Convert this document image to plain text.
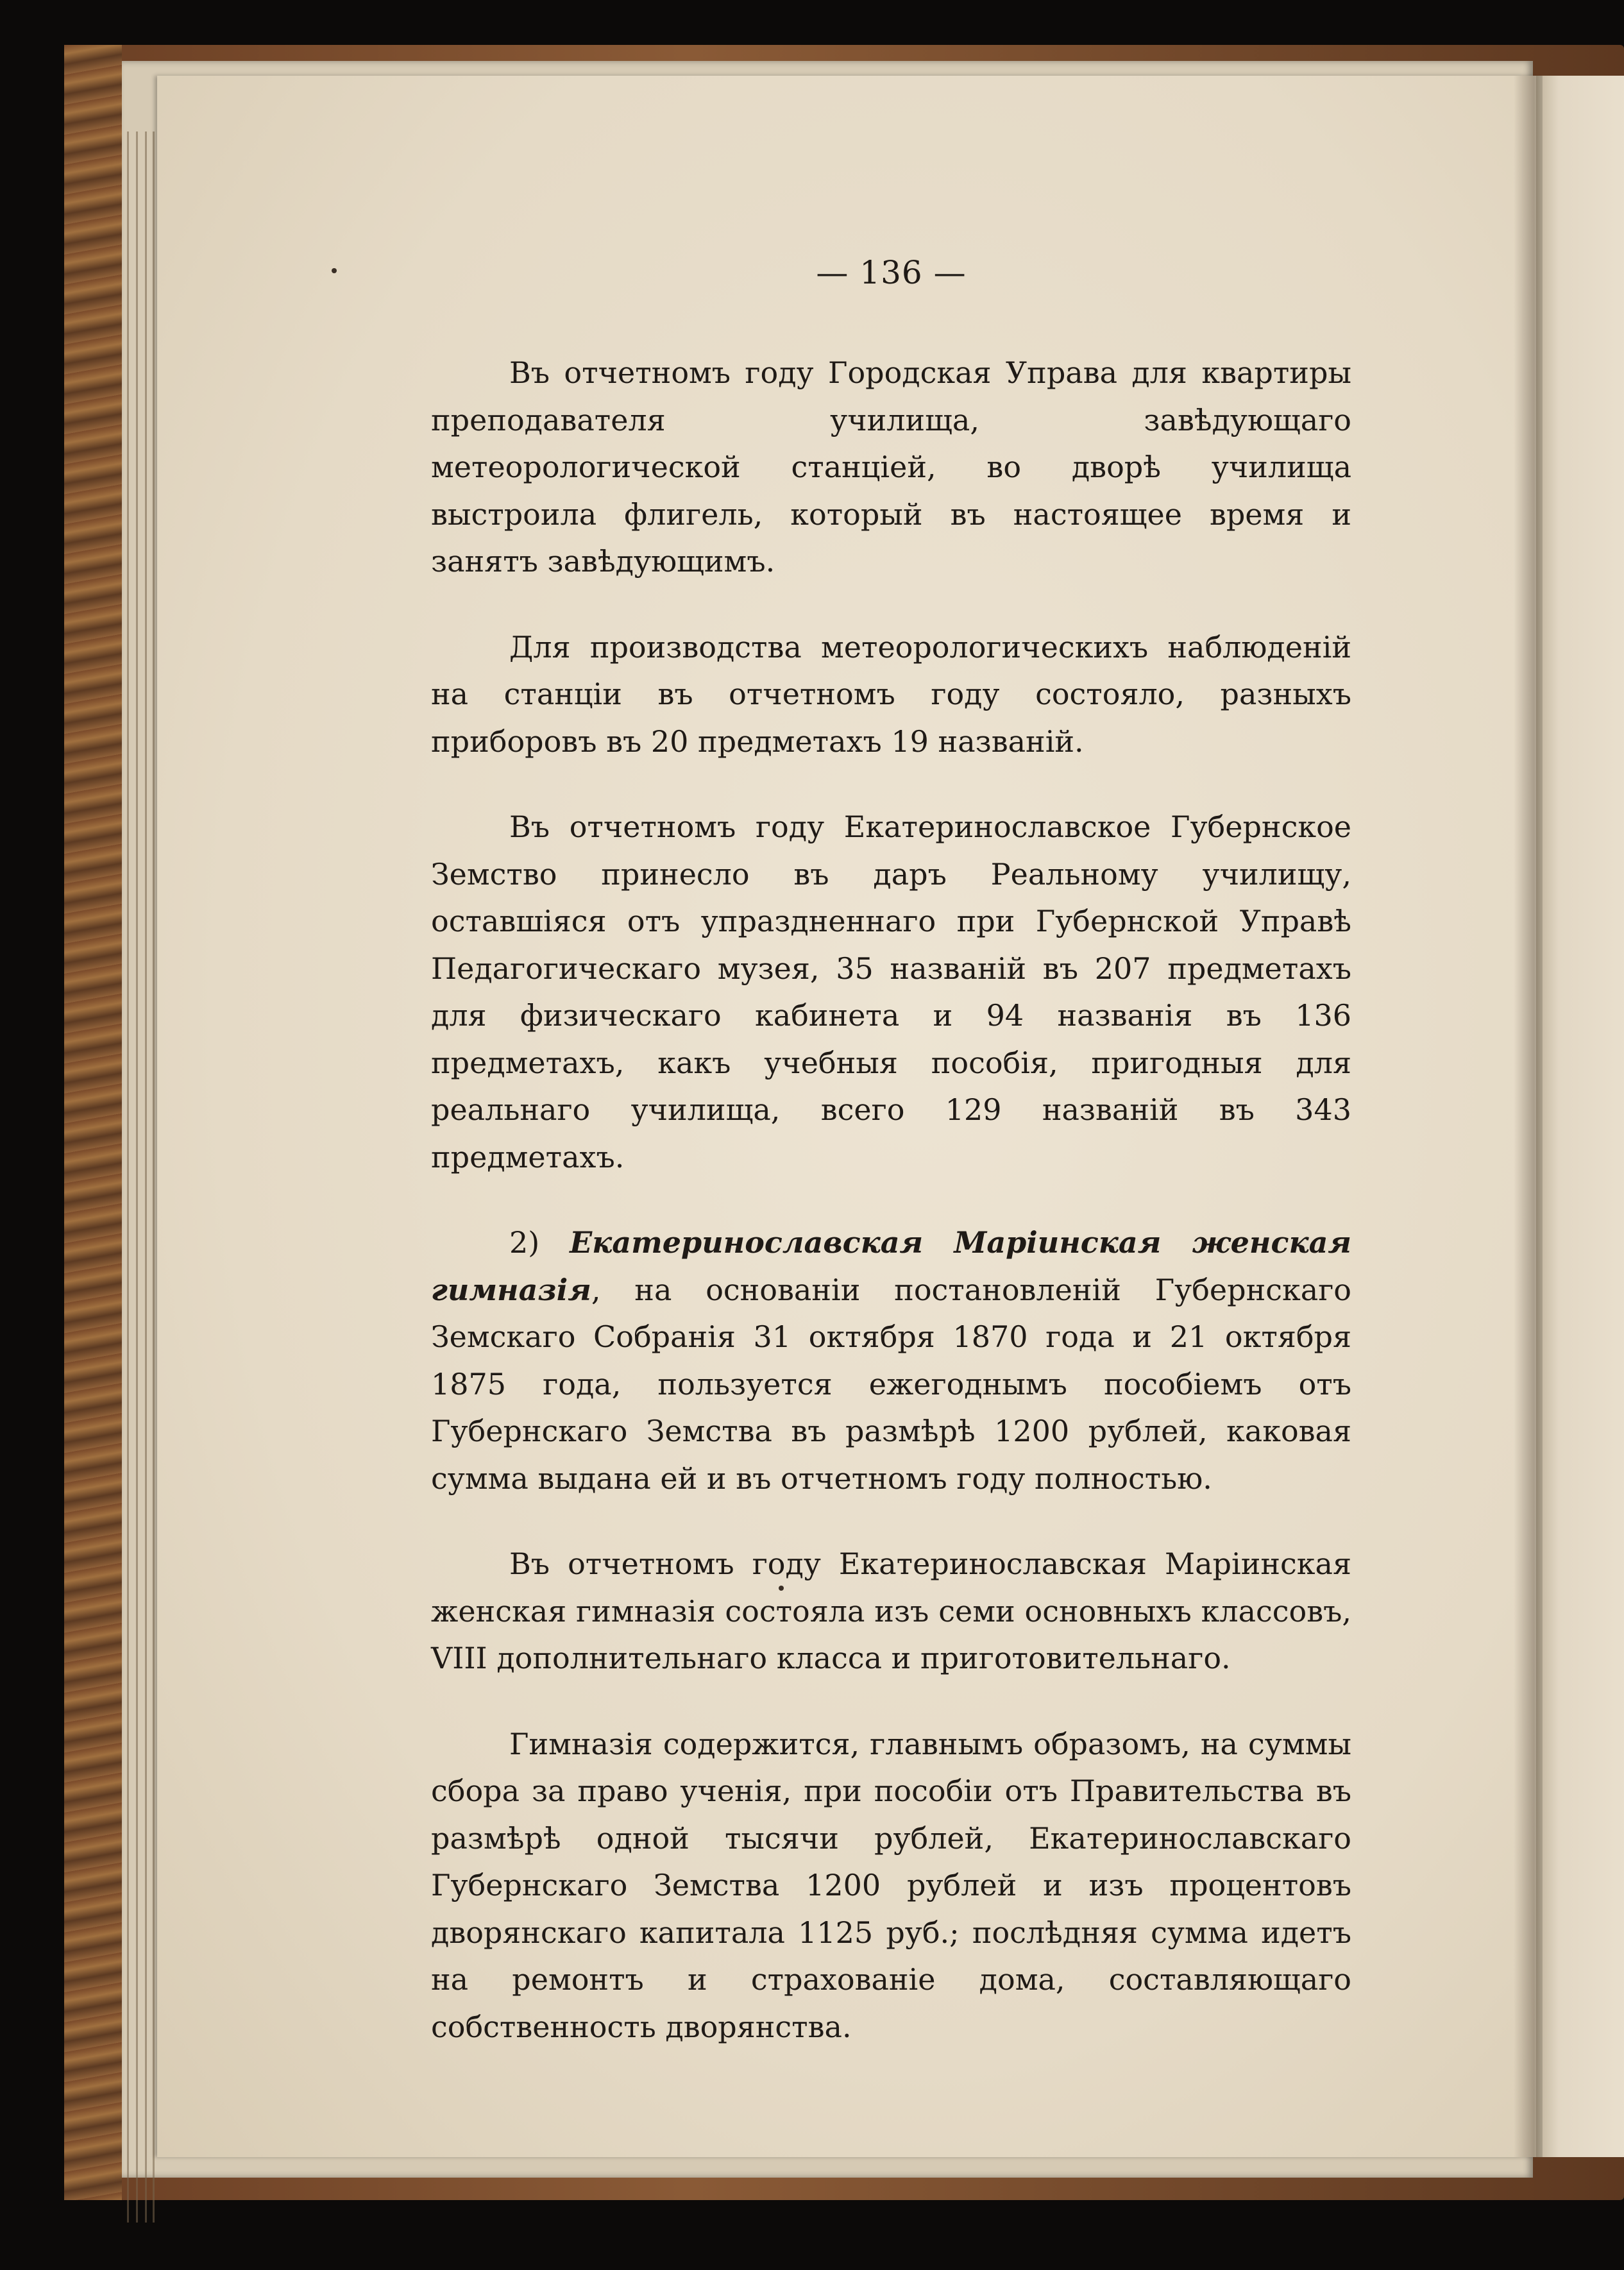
— 136 —

Въ отчетномъ году Городская Управа для квартиры преподавателя училища, завѣдующаго метеорологической станціей, во дворѣ училища выстроила флигель, который въ настоящее время и занятъ завѣдующимъ.

Для производства метеорологическихъ наблюденій на станціи въ отчетномъ году состояло, разныхъ приборовъ въ 20 предметахъ 19 названій.

Въ отчетномъ году Екатеринославское Губернское Земство принесло въ даръ Реальному училищу, оставшіяся отъ упраздненнаго при Губернской Управѣ Педагогическаго музея, 35 названій въ 207 предметахъ для физическаго кабинета и 94 названія въ 136 предметахъ, какъ учебныя пособія, пригодныя для реальнаго училища, всего 129 названій въ 343 предметахъ.

2) Екатеринославская Маріинская женская гимназія, на основаніи постановленій Губернскаго Земскаго Собранія 31 октября 1870 года и 21 октября 1875 года, пользуется ежегоднымъ пособіемъ отъ Губернскаго Земства въ размѣрѣ 1200 рублей, каковая сумма выдана ей и въ отчетномъ году полностью.

Въ отчетномъ году Екатеринославская Маріинская женская гимназія состояла изъ семи основныхъ классовъ, VIII дополнительнаго класса и приготовительнаго.

Гимназія содержится, главнымъ образомъ, на суммы сбора за право ученія, при пособіи отъ Правительства въ размѣрѣ одной тысячи рублей, Екатеринославскаго Губернскаго Земства 1200 рублей и изъ процентовъ дворянскаго капитала 1125 руб.; послѣдняя сумма идетъ на ремонтъ и страхованіе дома, составляющаго собственность дворянства.
